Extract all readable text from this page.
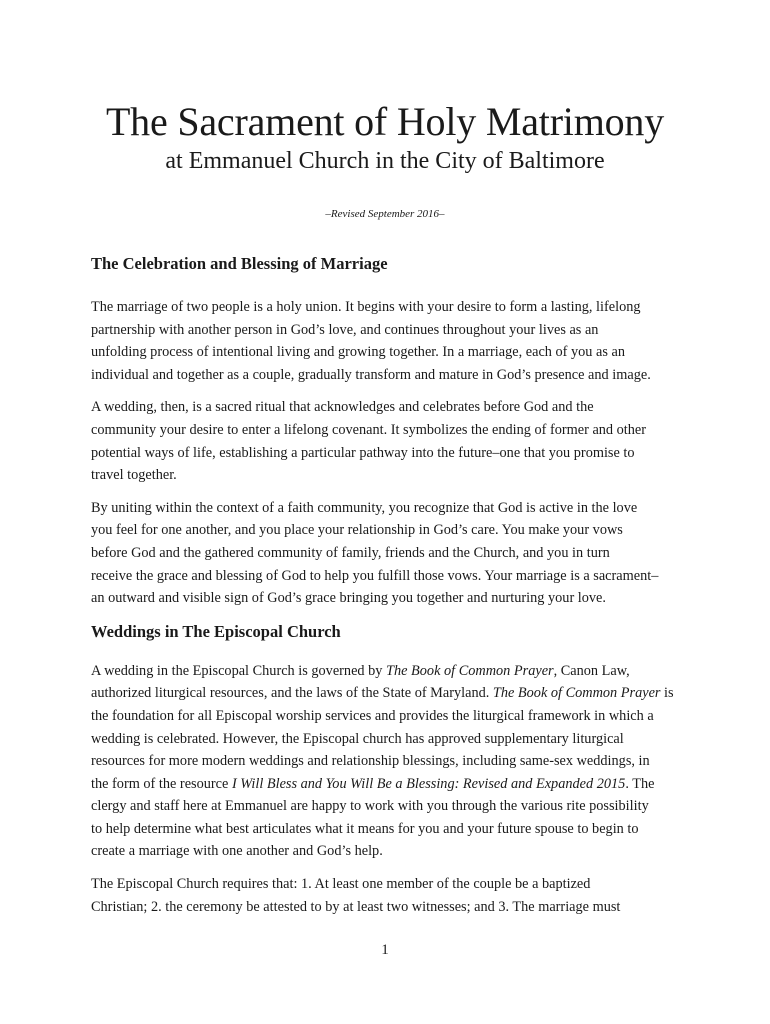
The Sacrament of Holy Matrimony
at Emmanuel Church in the City of Baltimore
–Revised September 2016–
The Celebration and Blessing of Marriage

The marriage of two people is a holy union. It begins with your desire to form a lasting, lifelong
partnership with another person in God’s love, and continues throughout your lives as an
unfolding process of intentional living and growing together. In a marriage, each of you as an
individual and together as a couple, gradually transform and mature in God’s presence and image.

A wedding, then, is a sacred ritual that acknowledges and celebrates before God and the
community your desire to enter a lifelong covenant. It symbolizes the ending of former and other
potential ways of life, establishing a particular pathway into the future–one that you promise to
travel together.

By uniting within the context of a faith community, you recognize that God is active in the love
you feel for one another, and you place your relationship in God’s care. You make your vows
before God and the gathered community of family, friends and the Church, and you in turn
receive the grace and blessing of God to help you fulfill those vows. Your marriage is a sacrament–
an outward and visible sign of God’s grace bringing you together and nurturing your love.

Weddings in The Episcopal Church

A wedding in the Episcopal Church is governed by The Book of Common Prayer, Canon Law,
authorized liturgical resources, and the laws of the State of Maryland. The Book of Common Prayer is
the foundation for all Episcopal worship services and provides the liturgical framework in which a
wedding is celebrated. However, the Episcopal church has approved supplementary liturgical
resources for more modern weddings and relationship blessings, including same-sex weddings, in
the form of the resource I Will Bless and You Will Be a Blessing: Revised and Expanded 2015. The
clergy and staff here at Emmanuel are happy to work with you through the various rite possibility
to help determine what best articulates what it means for you and your future spouse to begin to
create a marriage with one another and God’s help.

The Episcopal Church requires that: 1. At least one member of the couple be a baptized
Christian; 2. the ceremony be attested to by at least two witnesses; and 3. The marriage must

1
